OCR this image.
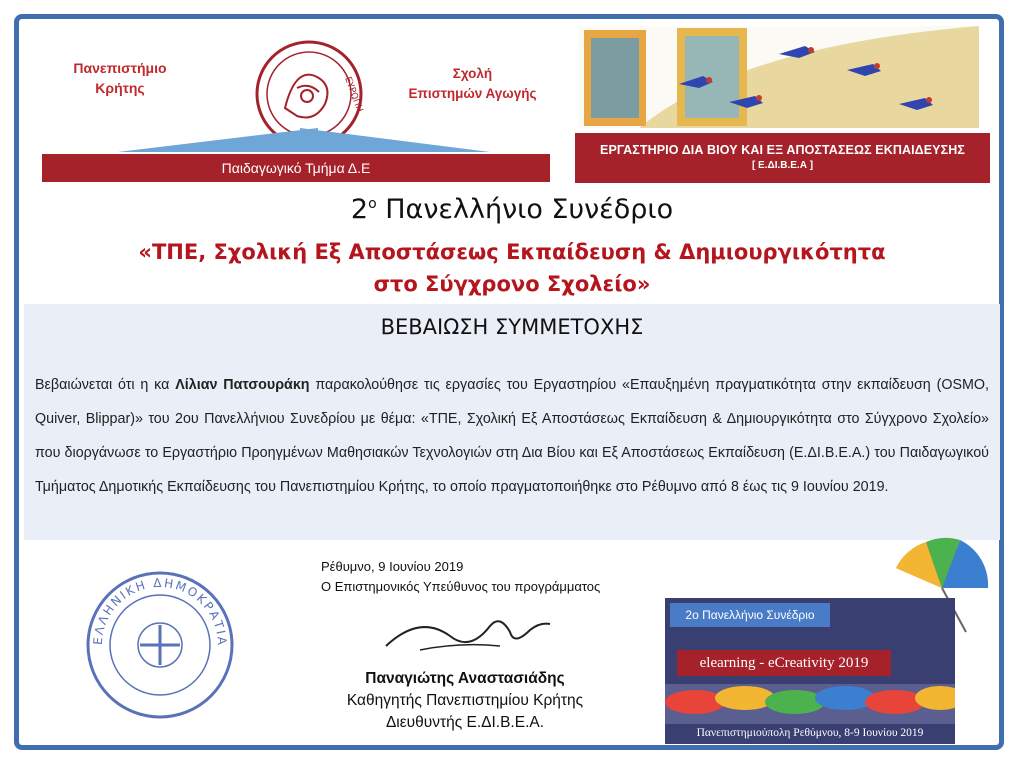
Πανεπιστήμιο
Κρήτης	ΕΥΡΩΠΗ
Σχολή
Επιστημών Αγωγής
Παιδαγωγικό Τμήμα Δ.Ε
ΕΡΓΑΣΤΗΡΙΟ ΔΙΑ ΒΙΟΥ ΚΑΙ ΕΞ ΑΠΟΣΤΑΣΕΩΣ ΕΚΠΑΙΔΕΥΣΗΣ
[ Ε.ΔΙ.Β.Ε.Α ]
$2^o$ Πανελλήνιο Συνέδριο
«ΤΠΕ, Σχολική Εξ Αποστάσεως Εκπαίδευση & Δημιουργικότητα
στο Σύγχρονο Σχολείο»
ΒΕΒΑΙΩΣΗ ΣΥΜΜΕΤΟΧΗΣ
Βεβαιώνεται ότι η κα Λίλιαν Πατσουράκη παρακολούθησε τις εργασίες του Εργαστηρίου «Επαυξημένη πραγματικότητα στην εκπαίδευση (OSMO, Quiver, Blippar)» του 2ου Πανελλήνιου Συνεδρίου με θέμα: «ΤΠΕ, Σχολική Εξ Αποστάσεως Εκπαίδευση & Δημιουργικότητα στο Σύγχρονο Σχολείο» που διοργάνωσε το Εργαστήριο Προηγμένων Μαθησιακών Τεχνολογιών στη Δια Βίου και Εξ Αποστάσεως Εκπαίδευση (Ε.ΔΙ.Β.Ε.Α.) του Παιδαγωγικού Τμήματος Δημοτικής Εκπαίδευσης του Πανεπιστημίου Κρήτης, το οποίο πραγματοποιήθηκε στο Ρέθυμνο από 8 έως τις 9 Ιουνίου 2019.
ΕΛΛΗΝΙΚΗ ΔΗΜΟΚΡΑΤΙΑ
Ρέθυμνο, 9 Ιουνίου 2019
Ο Επιστημονικός Υπεύθυνος του προγράμματος
Παναγιώτης Αναστασιάδης
Καθηγητής Πανεπιστημίου Κρήτης
Διευθυντής Ε.ΔΙ.Β.Ε.Α.
2ο Πανελλήνιο Συνέδριο
elearning - eCreativity 2019
Πανεπιστημιούπολη Ρεθύμνου, 8-9 Ιουνίου 2019
